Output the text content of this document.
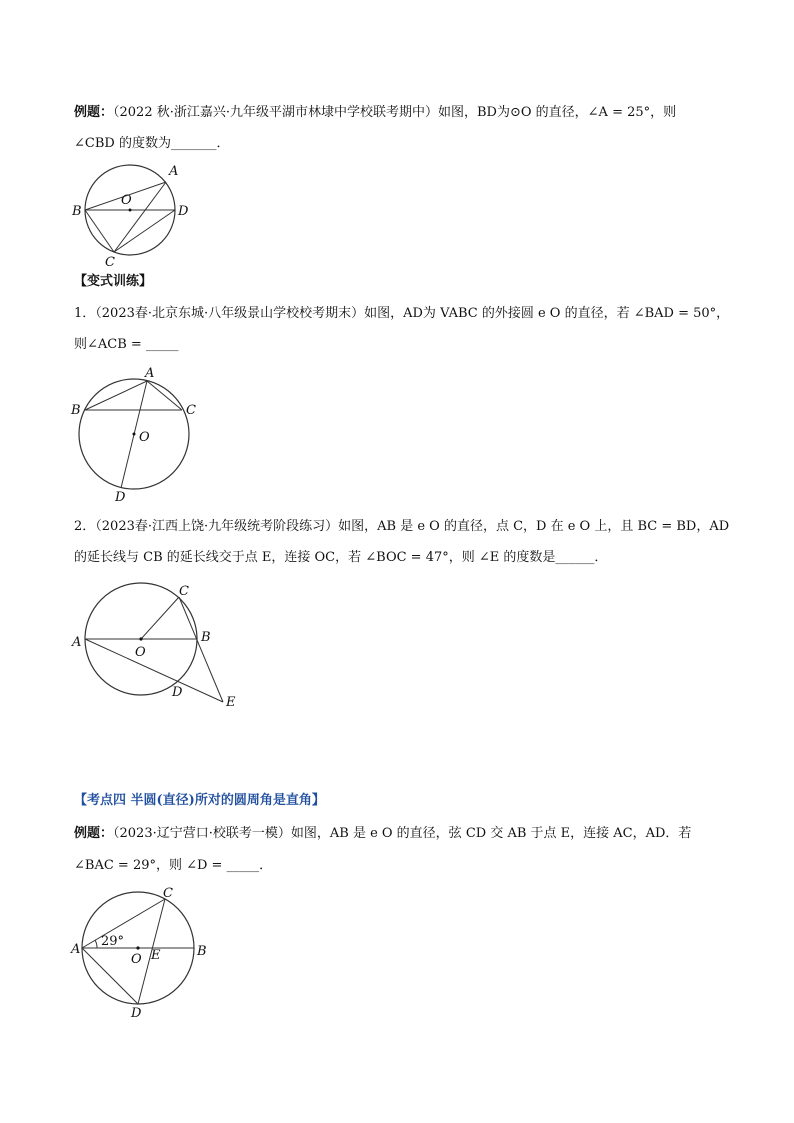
例题：（2022 秋·浙江嘉兴·九年级平湖市林埭中学校联考期中）如图，BD为⊙O 的直径，∠A = 25°，则
∠CBD 的度数为_______．
A
B
C
D
O
【变式训练】
1．（2023春·北京东城·八年级景山学校校考期末）如图，AD为 VABC 的外接圆 e O 的直径，若 ∠BAD = 50°，
则∠ACB = _____
A
B	C
D
O
2．（2023春·江西上饶·九年级统考阶段练习）如图，AB 是 e O 的直径，点 C，D 在 e O 上，且 BC = BD，AD
的延长线与 CB 的延长线交于点 E，连接 OC，若 ∠BOC = 47°，则 ∠E 的度数是______．
C
A	B
O
D
E
【考点四 半圆(直径)所对的圆周角是直角】
例题：（2023·辽宁营口·校联考一模）如图，AB 是 e O 的直径，弦 CD 交 AB 于点 E，连接 AC，AD．若
∠BAC = 29°，则 ∠D = _____．
C
A	B
O E
D
29°
